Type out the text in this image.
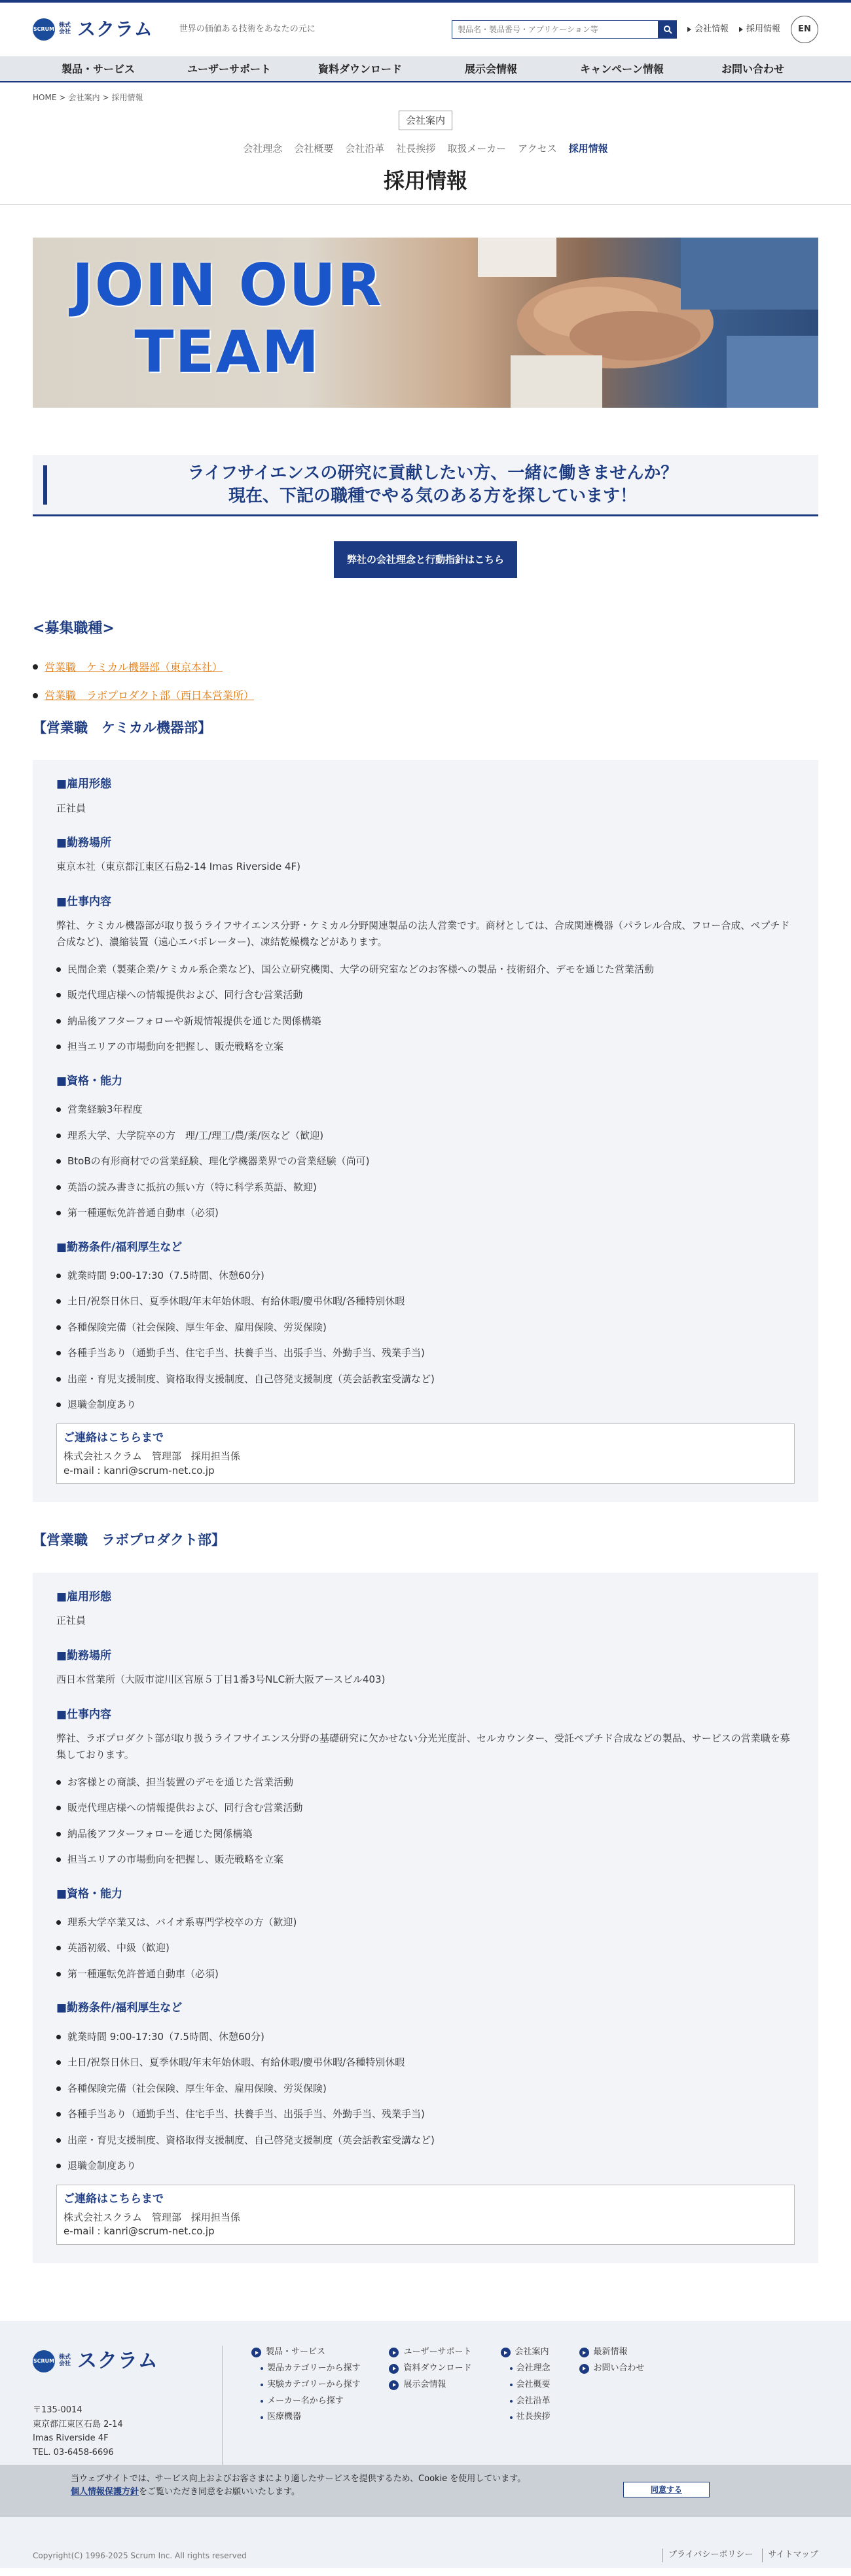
SCRUM 株式会社 スクラム	世界の価値ある技術をあなたの元に
製品名・製品番号・アプリケーション等	会社情報 採用情報	EN
製品・サービス	ユーザーサポート	資料ダウンロード	展示会情報	キャンペーン情報	お問い合わせ
HOME > 会社案内 > 採用情報
会社案内
会社理念 会社概要 会社沿革 社長挨拶 取扱メーカー アクセス 採用情報
採用情報
JOIN OUR
TEAM
ライフサイエンスの研究に貢献したい方、一緒に働きませんか？
現在、下記の職種でやる気のある方を探しています！
弊社の会社理念と行動指針はこちら
<募集職種>
営業職　ケミカル機器部（東京本社）
営業職　ラボプロダクト部（西日本営業所）
【営業職　ケミカル機器部】
■雇用形態
正社員
■勤務場所
東京本社（東京都江東区石島2-14 Imas Riverside 4F)
■仕事内容
弊社、ケミカル機器部が取り扱うライフサイエンス分野・ケミカル分野関連製品の法人営業です。商材としては、合成関連機器（パラレル合成、フロー合成、ペプチド合成など)、濃縮装置（遠心エバポレーター)、凍結乾燥機などがあります。
民間企業（製薬企業/ケミカル系企業など)、国公立研究機関、大学の研究室などのお客様への製品・技術紹介、デモを通じた営業活動
販売代理店様への情報提供および、同行含む営業活動
納品後アフターフォローや新規情報提供を通じた関係構築
担当エリアの市場動向を把握し、販売戦略を立案
■資格・能力
営業経験3年程度
理系大学、大学院卒の方　理/工/理工/農/薬/医など（歓迎)
BtoBの有形商材での営業経験、理化学機器業界での営業経験（尚可)
英語の読み書きに抵抗の無い方（特に科学系英語、歓迎)
第一種運転免許普通自動車（必須)
■勤務条件/福利厚生など
就業時間 9:00-17:30（7.5時間、休憩60分)
土日/祝祭日休日、夏季休暇/年末年始休暇、有給休暇/慶弔休暇/各種特別休暇
各種保険完備（社会保険、厚生年金、雇用保険、労災保険)
各種手当あり（通勤手当、住宅手当、扶養手当、出張手当、外勤手当、残業手当)
出産・育児支援制度、資格取得支援制度、自己啓発支援制度（英会話教室受講など)
退職金制度あり
ご連絡はこちらまで
株式会社スクラム　管理部　採用担当係
e-mail : kanri@scrum-net.co.jp
【営業職　ラボプロダクト部】
■雇用形態
正社員
■勤務場所
西日本営業所（大阪市淀川区宮原５丁目1番3号NLC新大阪アースビル403)
■仕事内容
弊社、ラボプロダクト部が取り扱うライフサイエンス分野の基礎研究に欠かせない分光光度計、セルカウンター、受託ペプチド合成などの製品、サービスの営業職を募集しております。
お客様との商談、担当装置のデモを通じた営業活動
販売代理店様への情報提供および、同行含む営業活動
納品後アフターフォローを通じた関係構築
担当エリアの市場動向を把握し、販売戦略を立案
■資格・能力
理系大学卒業又は、バイオ系専門学校卒の方（歓迎)
英語初級、中級（歓迎)
第一種運転免許普通自動車（必須)
■勤務条件/福利厚生など
就業時間 9:00-17:30（7.5時間、休憩60分)
土日/祝祭日休日、夏季休暇/年末年始休暇、有給休暇/慶弔休暇/各種特別休暇
各種保険完備（社会保険、厚生年金、雇用保険、労災保険)
各種手当あり（通勤手当、住宅手当、扶養手当、出張手当、外勤手当、残業手当)
出産・育児支援制度、資格取得支援制度、自己啓発支援制度（英会話教室受講など)
退職金制度あり
ご連絡はこちらまで
株式会社スクラム　管理部　採用担当係
e-mail : kanri@scrum-net.co.jp
SCRUM 株式会社 スクラム
〒135-0014
東京都江東区石島 2-14
Imas Riverside 4F
TEL. 03-6458-6696
製品・サービス
製品カテゴリーから探す
実験カテゴリーから探す
メーカー名から探す
医療機器
ユーザーサポート
資料ダウンロード
展示会情報
会社案内
会社理念
会社概要
会社沿革
社長挨拶
最新情報
お問い合わせ
当ウェブサイトでは、サービス向上およびお客さまにより適したサービスを提供するため、Cookie を使用しています。
個人情報保護方針をご覧いただき同意をお願いいたします。	同意する
Copyright(C) 1996-2025 Scrum Inc. All rights reserved	プライバシーポリシー	サイトマップ
